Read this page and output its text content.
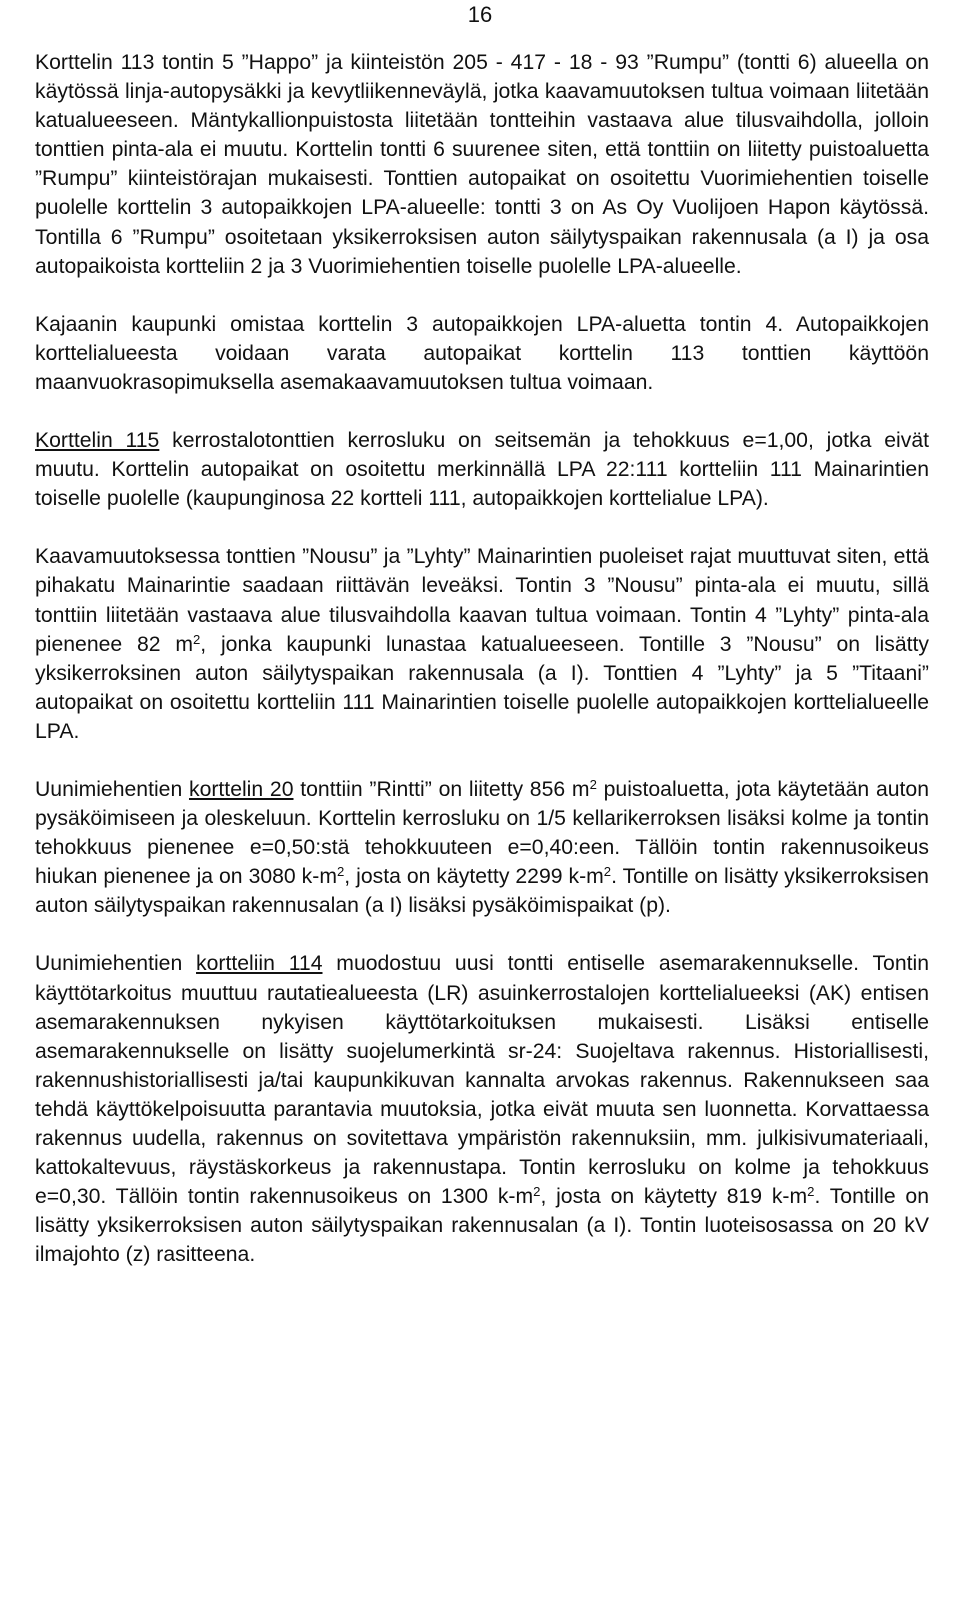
16

Korttelin 113 tontin 5 ”Happo” ja kiinteistön 205 - 417 - 18 - 93 ”Rumpu” (tontti 6) alueella on käytössä linja-autopysäkki ja kevytliikenneväylä, jotka kaavamuutoksen tultua voimaan liitetään katualueeseen. Mäntykallionpuistosta liitetään tontteihin vastaava alue tilusvaihdolla, jolloin tonttien pinta-ala ei muutu. Korttelin tontti 6 suurenee siten, että tonttiin on liitetty puistoaluetta ”Rumpu” kiinteistörajan mukaisesti. Tonttien autopaikat on osoitettu Vuorimiehentien toiselle puolelle korttelin 3 autopaikkojen LPA-alueelle: tontti 3 on As Oy Vuolijoen Hapon käytössä. Tontilla 6 ”Rumpu” osoitetaan yksikerroksisen auton säilytyspaikan rakennusala (a I) ja osa autopaikoista kortteliin 2 ja 3 Vuorimiehentien toiselle puolelle LPA-alueelle.

Kajaanin kaupunki omistaa korttelin 3 autopaikkojen LPA-aluetta tontin 4. Autopaikkojen korttelialueesta voidaan varata autopaikat korttelin 113 tonttien käyttöön maanvuokrasopimuksella asemakaavamuutoksen tultua voimaan.

Korttelin 115 kerrostalotonttien kerrosluku on seitsemän ja tehokkuus e=1,00, jotka eivät muutu. Korttelin autopaikat on osoitettu merkinnällä LPA 22:111 kortteliin 111 Mainarintien toiselle puolelle (kaupunginosa 22 kortteli 111, autopaikkojen korttelialue LPA).

Kaavamuutoksessa tonttien ”Nousu” ja ”Lyhty” Mainarintien puoleiset rajat muuttuvat siten, että pihakatu Mainarintie saadaan riittävän leveäksi. Tontin 3 ”Nousu” pinta-ala ei muutu, sillä tonttiin liitetään vastaava alue tilusvaihdolla kaavan tultua voimaan. Tontin 4 ”Lyhty” pinta-ala pienenee 82 $m^2$, jonka kaupunki lunastaa katualueeseen. Tontille 3 ”Nousu” on lisätty yksikerroksinen auton säilytyspaikan rakennusala (a I). Tonttien 4 ”Lyhty” ja 5 ”Titaani” autopaikat on osoitettu kortteliin 111 Mainarintien toiselle puolelle autopaikkojen korttelialueelle LPA.

Uunimiehentien korttelin 20 tonttiin ”Rintti” on liitetty 856 $m^2$ puistoaluetta, jota käytetään auton pysäköimiseen ja oleskeluun. Korttelin kerrosluku on 1/5 kellarikerroksen lisäksi kolme ja tontin tehokkuus pienenee e=0,50:stä tehokkuuteen e=0,40:een. Tällöin tontin rakennusoikeus hiukan pienenee ja on 3080 $k-m^2$, josta on käytetty 2299 $k-m^2$. Tontille on lisätty yksikerroksisen auton säilytyspaikan rakennusalan (a I) lisäksi pysäköimispaikat (p).

Uunimiehentien kortteliin 114 muodostuu uusi tontti entiselle asemarakennukselle. Tontin käyttötarkoitus muuttuu rautatiealueesta (LR) asuinkerrostalojen korttelialueeksi (AK) entisen asemarakennuksen nykyisen käyttötarkoituksen mukaisesti. Lisäksi entiselle asemarakennukselle on lisätty suojelumerkintä sr-24: Suojeltava rakennus. Historiallisesti, rakennushistoriallisesti ja/tai kaupunkikuvan kannalta arvokas rakennus. Rakennukseen saa tehdä käyttökelpoisuutta parantavia muutoksia, jotka eivät muuta sen luonnetta. Korvattaessa rakennus uudella, rakennus on sovitettava ympäristön rakennuksiin, mm. julkisivumateriaali, kattokaltevuus, räystäskorkeus ja rakennustapa. Tontin kerrosluku on kolme ja tehokkuus e=0,30. Tällöin tontin rakennusoikeus on 1300 $k-m^2$, josta on käytetty 819 $k-m^2$. Tontille on lisätty yksikerroksisen auton säilytyspaikan rakennusalan (a I). Tontin luoteisosassa on 20 kV ilmajohto (z) rasitteena.
